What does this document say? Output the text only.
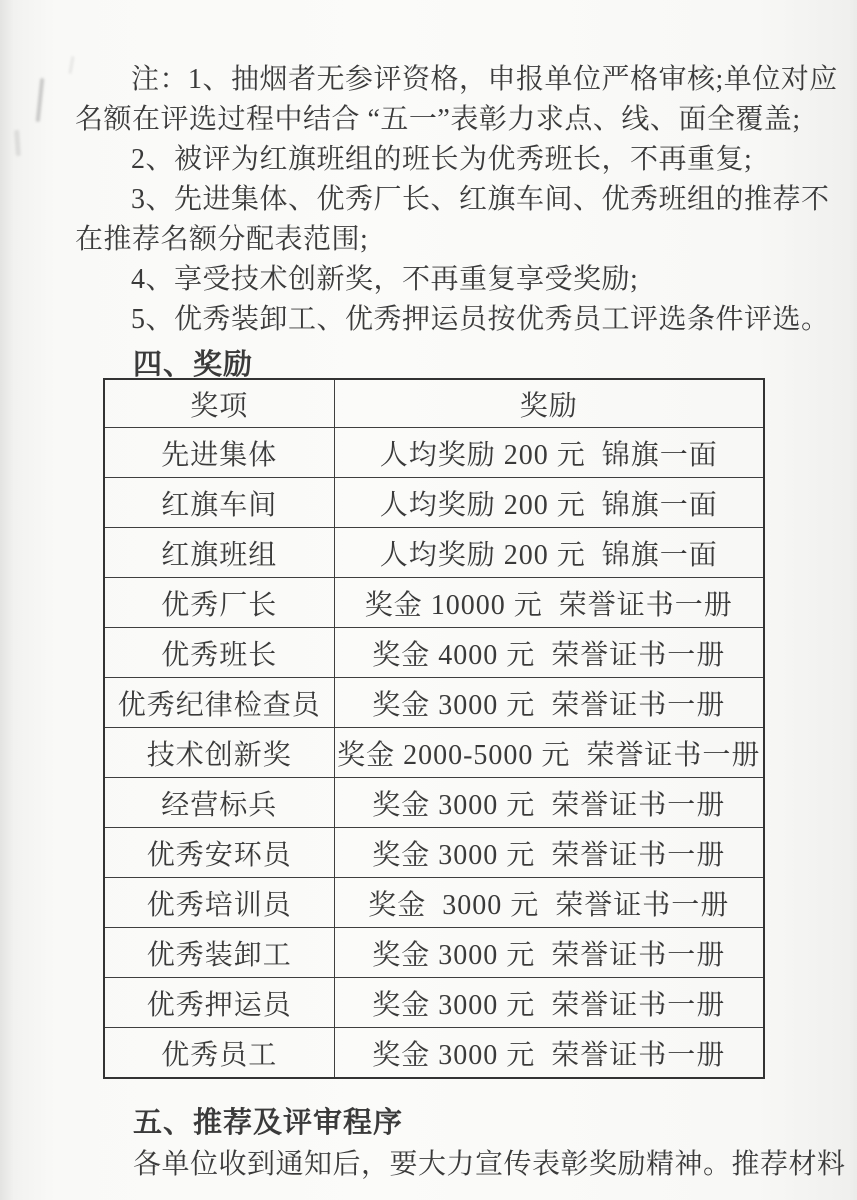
注：1、抽烟者无参评资格，申报单位严格审核;单位对应
名额在评选过程中结合 “五一”表彰力求点、线、面全覆盖;
2、被评为红旗班组的班长为优秀班长，不再重复;
3、先进集体、优秀厂长、红旗车间、优秀班组的推荐不
在推荐名额分配表范围;
4、享受技术创新奖，不再重复享受奖励;
5、优秀装卸工、优秀押运员按优秀员工评选条件评选。
四、奖励
奖项	奖励
先进集体	人均奖励 200 元  锦旗一面
红旗车间	人均奖励 200 元  锦旗一面
红旗班组	人均奖励 200 元  锦旗一面
优秀厂长	奖金 10000 元  荣誉证书一册
优秀班长	奖金 4000 元  荣誉证书一册
优秀纪律检查员	奖金 3000 元  荣誉证书一册
技术创新奖	奖金 2000-5000 元  荣誉证书一册
经营标兵	奖金 3000 元  荣誉证书一册
优秀安环员	奖金 3000 元  荣誉证书一册
优秀培训员	奖金  3000 元  荣誉证书一册
优秀装卸工	奖金 3000 元  荣誉证书一册
优秀押运员	奖金 3000 元  荣誉证书一册
优秀员工	奖金 3000 元  荣誉证书一册
五、推荐及评审程序
各单位收到通知后，要大力宣传表彰奖励精神。推荐材料
